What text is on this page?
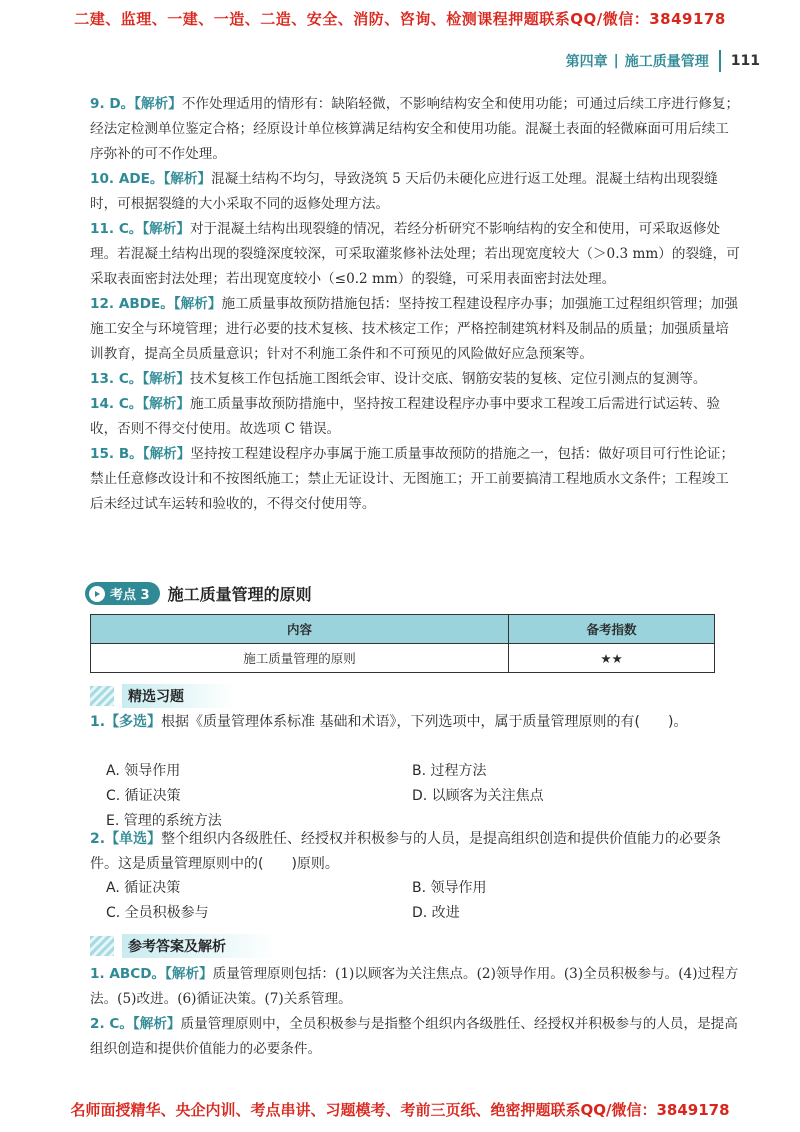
二建、监理、一建、一造、二造、安全、消防、咨询、检测课程押题联系QQ/微信：3849178
第四章 | 施工质量管理 111

9. D。【解析】不作处理适用的情形有：缺陷轻微，不影响结构安全和使用功能；可通过后续工序进行修复；经法定检测单位鉴定合格；经原设计单位核算满足结构安全和使用功能。混凝土表面的轻微麻面可用后续工序弥补的可不作处理。

10. ADE。【解析】混凝土结构不均匀，导致浇筑 5 天后仍未硬化应进行返工处理。混凝土结构出现裂缝时，可根据裂缝的大小采取不同的返修处理方法。

11. C。【解析】对于混凝土结构出现裂缝的情况，若经分析研究不影响结构的安全和使用，可采取返修处理。若混凝土结构出现的裂缝深度较深，可采取灌浆修补法处理；若出现宽度较大（＞0.3 mm）的裂缝，可采取表面密封法处理；若出现宽度较小（≤0.2 mm）的裂缝，可采用表面密封法处理。

12. ABDE。【解析】施工质量事故预防措施包括：坚持按工程建设程序办事；加强施工过程组织管理；加强施工安全与环境管理；进行必要的技术复核、技术核定工作；严格控制建筑材料及制品的质量；加强质量培训教育，提高全员质量意识；针对不利施工条件和不可预见的风险做好应急预案等。

13. C。【解析】技术复核工作包括施工图纸会审、设计交底、钢筋安装的复核、定位引测点的复测等。

14. C。【解析】施工质量事故预防措施中，坚持按工程建设程序办事中要求工程竣工后需进行试运转、验收，否则不得交付使用。故选项 C 错误。

15. B。【解析】坚持按工程建设程序办事属于施工质量事故预防的措施之一，包括：做好项目可行性论证；禁止任意修改设计和不按图纸施工；禁止无证设计、无图施工；开工前要搞清工程地质水文条件；工程竣工后未经过试车运转和验收的，不得交付使用等。

考点 3 施工质量管理的原则
内容	备考指数
施工质量管理的原则	★★
精选习题
1.【多选】根据《质量管理体系标准 基础和术语》，下列选项中，属于质量管理原则的有(　　)。
A. 领导作用	B. 过程方法
C. 循证决策	D. 以顾客为关注焦点
E. 管理的系统方法
2.【单选】整个组织内各级胜任、经授权并积极参与的人员，是提高组织创造和提供价值能力的必要条件。这是质量管理原则中的(　　)原则。
A. 循证决策	B. 领导作用
C. 全员积极参与	D. 改进
参考答案及解析

1. ABCD。【解析】质量管理原则包括：(1)以顾客为关注焦点。(2)领导作用。(3)全员积极参与。(4)过程方法。(5)改进。(6)循证决策。(7)关系管理。

2. C。【解析】质量管理原则中，全员积极参与是指整个组织内各级胜任、经授权并积极参与的人员，是提高组织创造和提供价值能力的必要条件。

名师面授精华、央企内训、考点串讲、习题模考、考前三页纸、绝密押题联系QQ/微信：3849178
